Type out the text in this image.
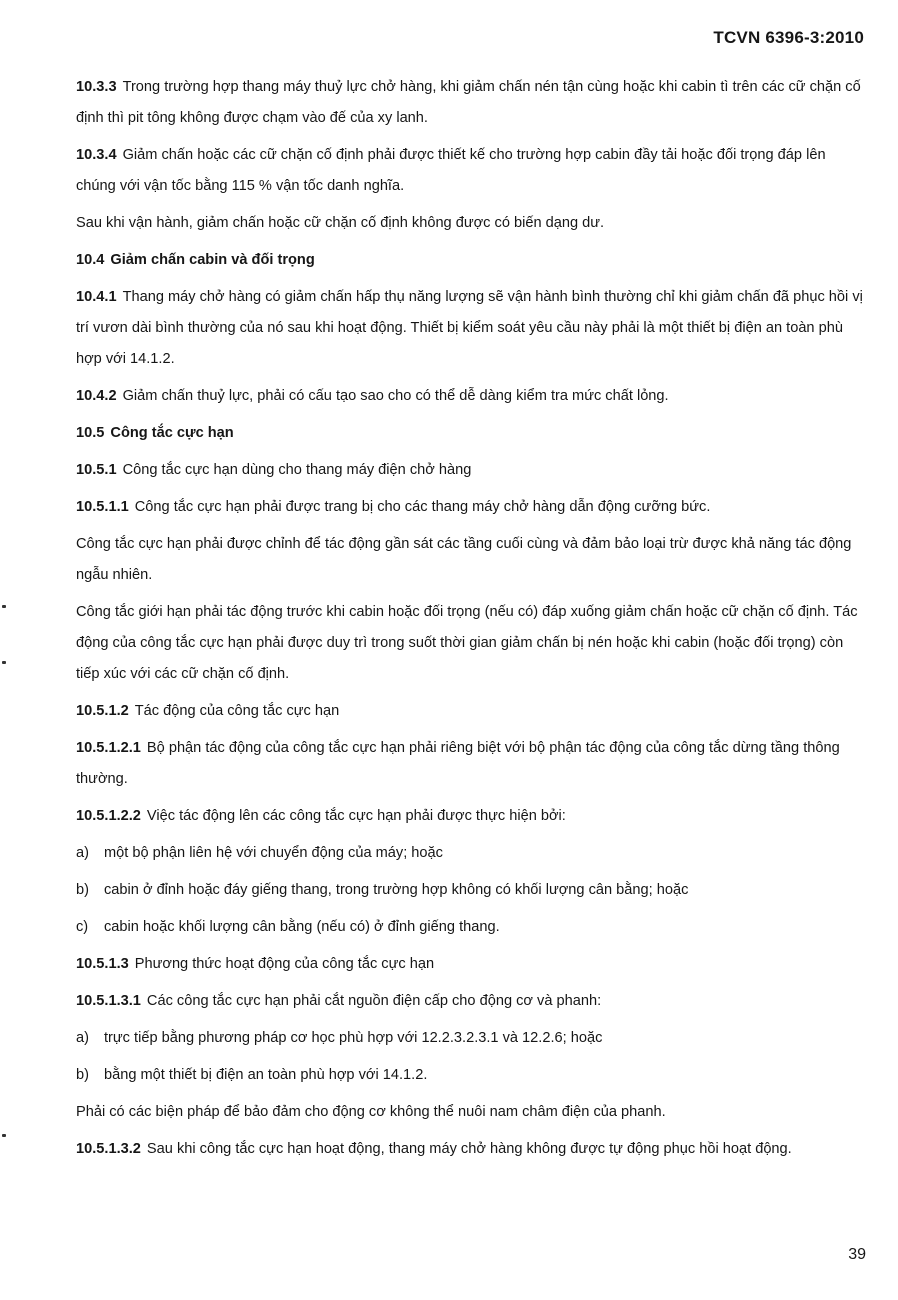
TCVN 6396-3:2010

10.3.3 Trong trường hợp thang máy thuỷ lực chở hàng, khi giảm chấn nén tận cùng hoặc khi cabin tì trên các cữ chặn cố định thì pit tông không được chạm vào đế của xy lanh.

10.3.4 Giảm chấn hoặc các cữ chặn cố định phải được thiết kế cho trường hợp cabin đầy tải hoặc đối trọng đáp lên chúng với vận tốc bằng 115 % vận tốc danh nghĩa.

Sau khi vận hành, giảm chấn hoặc cữ chặn cố định không được có biến dạng dư.

10.4 Giảm chấn cabin và đối trọng

10.4.1 Thang máy chở hàng có giảm chấn hấp thụ năng lượng sẽ vận hành bình thường chỉ khi giảm chấn đã phục hồi vị trí vươn dài bình thường của nó sau khi hoạt động. Thiết bị kiểm soát yêu cầu này phải là một thiết bị điện an toàn phù hợp với 14.1.2.

10.4.2 Giảm chấn thuỷ lực, phải có cấu tạo sao cho có thể dễ dàng kiểm tra mức chất lỏng.

10.5 Công tắc cực hạn

10.5.1 Công tắc cực hạn dùng cho thang máy điện chở hàng

10.5.1.1 Công tắc cực hạn phải được trang bị cho các thang máy chở hàng dẫn động cưỡng bức.

Công tắc cực hạn phải được chỉnh để tác động gần sát các tầng cuối cùng và đảm bảo loại trừ được khả năng tác động ngẫu nhiên.

Công tắc giới hạn phải tác động trước khi cabin hoặc đối trọng (nếu có) đáp xuống giảm chấn hoặc cữ chặn cố định. Tác động của công tắc cực hạn phải được duy trì trong suốt thời gian giảm chấn bị nén hoặc khi cabin (hoặc đối trọng) còn tiếp xúc với các cữ chặn cố định.

10.5.1.2 Tác động của công tắc cực hạn

10.5.1.2.1 Bộ phận tác động của công tắc cực hạn phải riêng biệt với bộ phận tác động của công tắc dừng tầng thông thường.

10.5.1.2.2 Việc tác động lên các công tắc cực hạn phải được thực hiện bởi:

a) một bộ phận liên hệ với chuyển động của máy; hoặc

b) cabin ở đỉnh hoặc đáy giếng thang, trong trường hợp không có khối lượng cân bằng; hoặc

c) cabin hoặc khối lượng cân bằng (nếu có) ở đỉnh giếng thang.

10.5.1.3 Phương thức hoạt động của công tắc cực hạn

10.5.1.3.1 Các công tắc cực hạn phải cắt nguồn điện cấp cho động cơ và phanh:

a) trực tiếp bằng phương pháp cơ học phù hợp với 12.2.3.2.3.1 và 12.2.6; hoặc

b) bằng một thiết bị điện an toàn phù hợp với 14.1.2.

Phải có các biện pháp để bảo đảm cho động cơ không thể nuôi nam châm điện của phanh.

10.5.1.3.2 Sau khi công tắc cực hạn hoạt động, thang máy chở hàng không được tự động phục hồi hoạt động.

39
